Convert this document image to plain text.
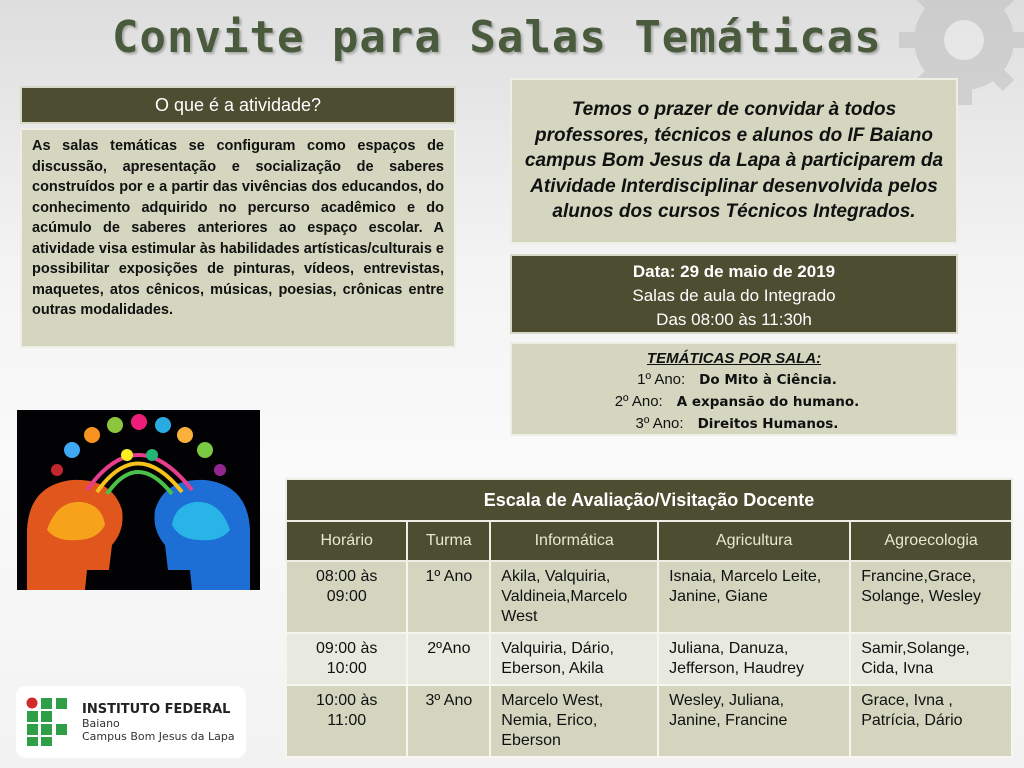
Convite para Salas Temáticas
O que é a atividade?
As salas temáticas se configuram como espaços de discussão, apresentação e socialização de saberes construídos por e a partir das vivências dos educandos, do conhecimento adquirido no percurso acadêmico e do acúmulo de saberes anteriores ao espaço escolar. A atividade visa estimular às habilidades artísticas/culturais e possibilitar exposições de pinturas, vídeos, entrevistas, maquetes, atos cênicos, músicas, poesias, crônicas entre outras modalidades.
Temos o prazer de convidar à todos professores, técnicos e alunos do IF Baiano campus Bom Jesus da Lapa à participarem da Atividade Interdisciplinar desenvolvida pelos alunos dos cursos Técnicos Integrados.
Data: 29 de maio de 2019
Salas de aula do Integrado
Das 08:00 às 11:30h
TEMÁTICAS POR SALA:
1º Ano: Do Mito à Ciência.
2º Ano: A expansão do humano.
3º Ano: Direitos Humanos.
Escala de Avaliação/Visitação Docente				
Horário	Turma	Informática	Agricultura	Agroecologia
08:00 às 09:00	1º Ano	Akila, Valquiria, Valdineia,Marcelo West	Isnaia, Marcelo Leite, Janine, Giane	Francine,Grace, Solange, Wesley
09:00 às 10:00	2ºAno	Valquiria, Dário, Eberson, Akila	Juliana, Danuza, Jefferson, Haudrey	Samir,Solange, Cida, Ivna
10:00 às 11:00	3º Ano	Marcelo West, Nemia, Erico, Eberson	Wesley, Juliana, Janine, Francine	Grace, Ivna , Patrícia, Dário
INSTITUTO FEDERAL
Baiano
Campus Bom Jesus da Lapa
